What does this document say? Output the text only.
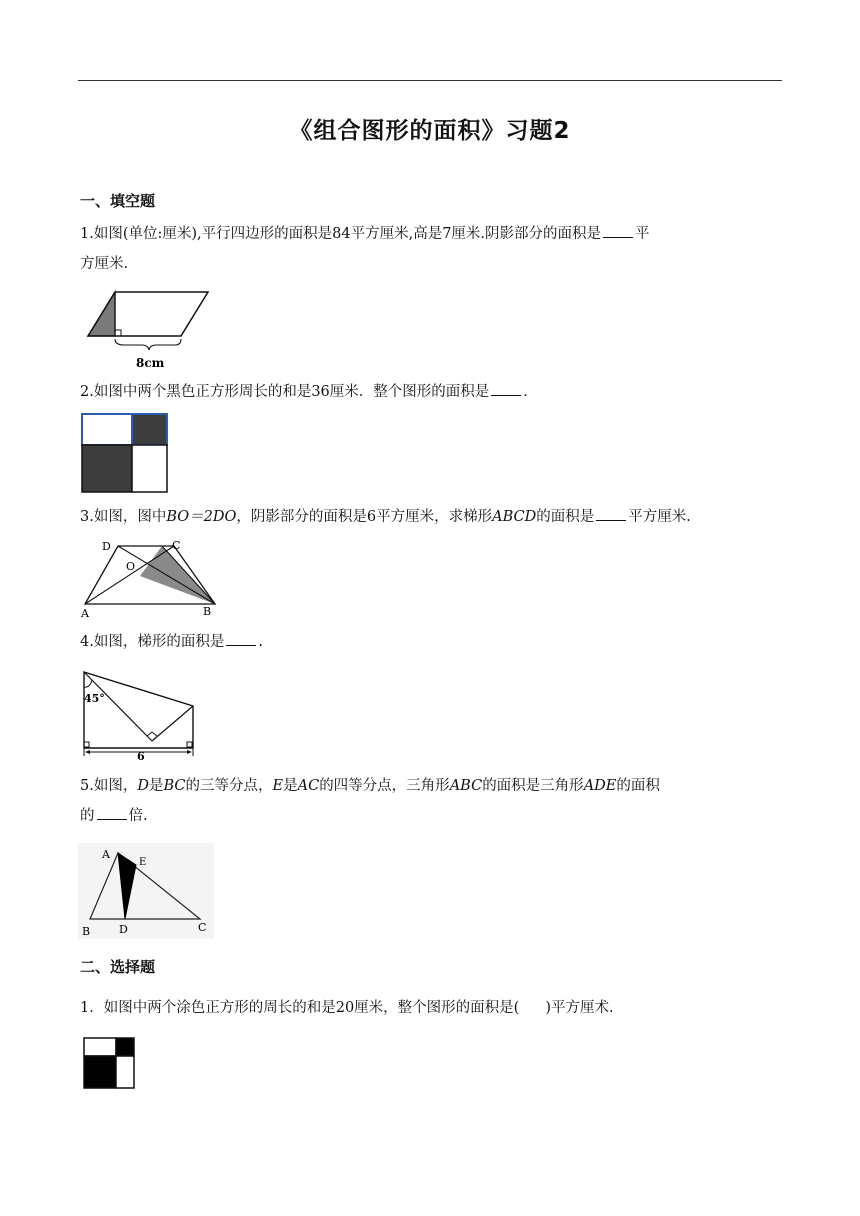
《组合图形的面积》习题2
一、填空题
1.如图(单位:厘米),平行四边形的面积是84平方厘米,高是7厘米.阴影部分的面积是 平
方厘米.
8cm
2.如图中两个黑色正方形周长的和是36厘米．整个图形的面积是 ．
3.如图，图中BO＝2DO，阴影部分的面积是6平方厘米，求梯形ABCD的面积是 平方厘米.
D	C
O
A	B
4.如图，梯形的面积是 .
45°
6
5.如图，D是BC的三等分点，E是AC的四等分点，三角形ABC的面积是三角形ADE的面积
的 倍.
A
E
B	D	C
二、选择题
1．如图中两个涂色正方形的周长的和是20厘米，整个图形的面积是( )平方厘术.
